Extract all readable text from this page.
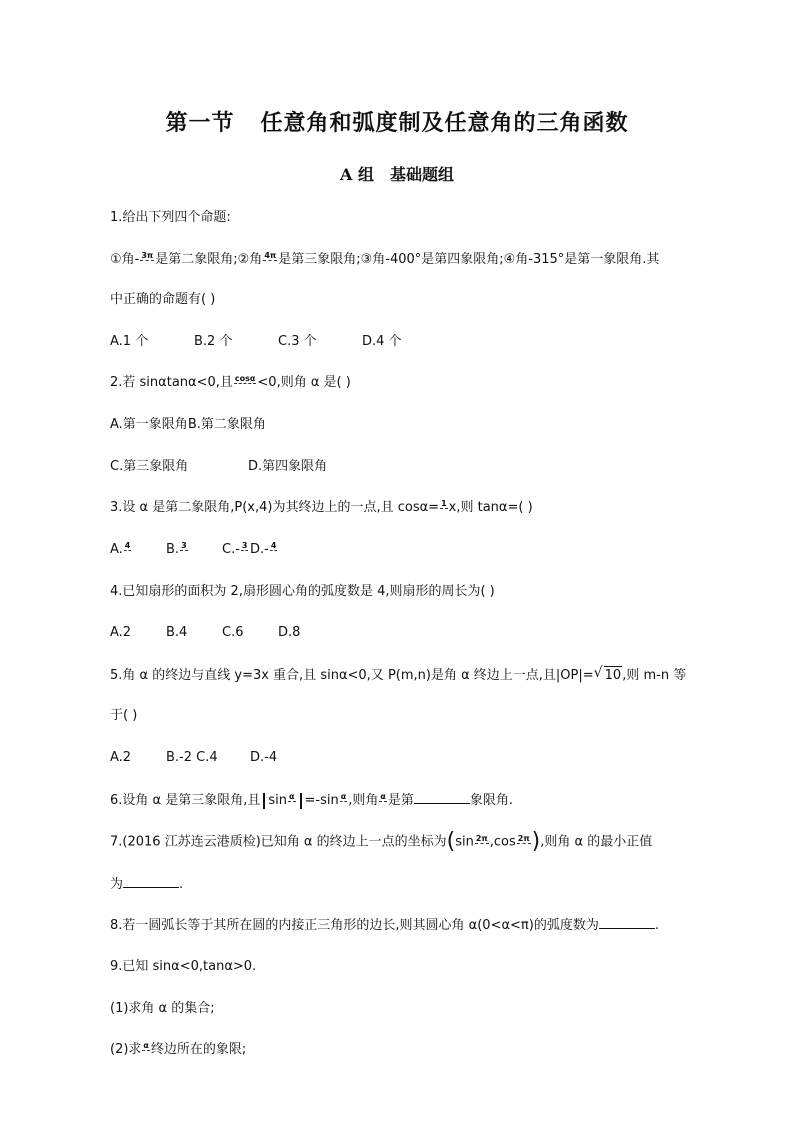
第一节 任意角和弧度制及任意角的三角函数
A 组 基础题组
1.给出下列四个命题:
①角- 3π 是第二象限角;②角 4π 是第三象限角;③角-400°是第四象限角;④角-315°是第一象限角.其
中正确的命题有( )
A.1 个	B.2 个	C.3 个	D.4 个
2.若 sinαtanα<0,且 cosα <0,则角 α 是( )
A.第一象限角B.第二象限角
C.第三象限角	D.第四象限角
3.设 α 是第二象限角,P(x,4)为其终边上的一点,且 cosα= 1 x,则 tanα=( )
A. 4	B. 3	C.- 3 D.- 4
4.已知扇形的面积为 2,扇形圆心角的弧度数是 4,则扇形的周长为( )
A.2	B.4	C.6	D.8
5.角 α 的终边与直线 y=3x 重合,且 sinα<0,又 P(m,n)是角 α 终边上一点,且|OP|=√ 10,则 m-n 等
于( )
A.2	B.-2 C.4 D.-4
6.设角 α 是第三象限角,且 sin α =-sin α ,则角 α 是第	象限角.
7.(2016 江苏连云港质检)已知角 α 的终边上一点的坐标为(sin 2π ,cos 2π ),则角 α 的最小正值
为	.
8.若一圆弧长等于其所在圆的内接正三角形的边长,则其圆心角 α(0<α<π)的弧度数为	.
9.已知 sinα<0,tanα>0.
(1)求角 α 的集合;
(2)求 α 终边所在的象限;
